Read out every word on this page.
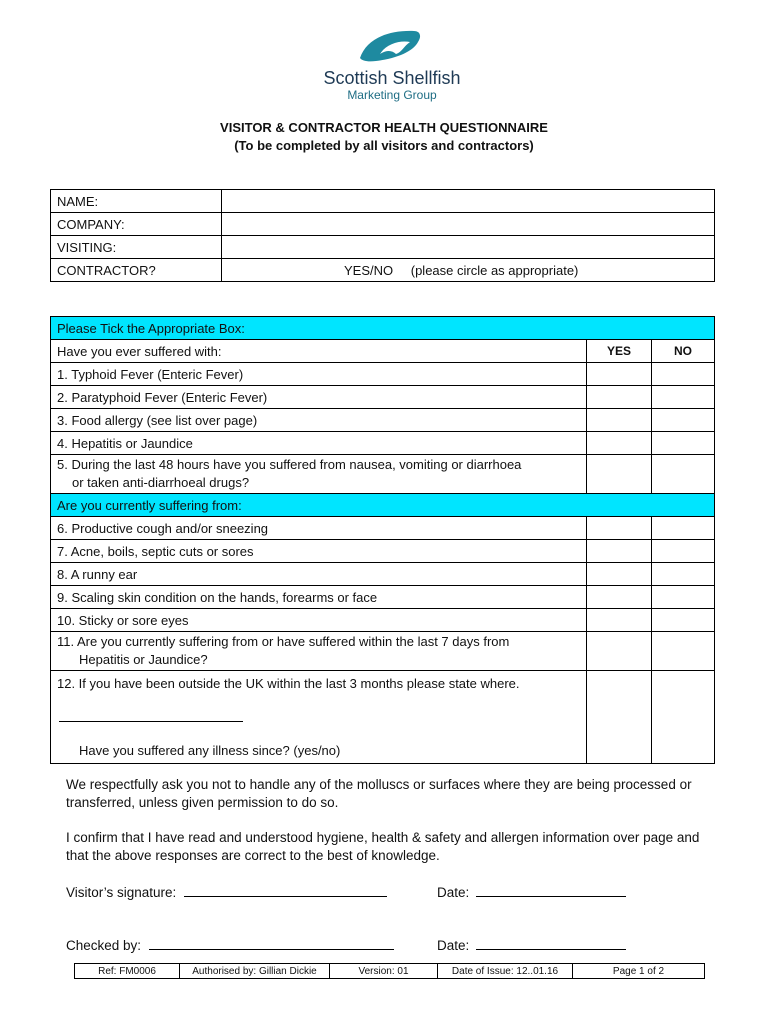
Scottish Shellfish
Marketing Group
VISITOR & CONTRACTOR HEALTH QUESTIONNAIRE
(To be completed by all visitors and contractors)
NAME:	
COMPANY:	
VISITING:	
CONTRACTOR?	YES/NO (please circle as appropriate)
Please Tick the Appropriate Box:		
Have you ever suffered with:	YES	NO
1. Typhoid Fever (Enteric Fever)		
2. Paratyphoid Fever (Enteric Fever)		
3. Food allergy (see list over page)		
4. Hepatitis or Jaundice		
5. During the last 48 hours have you suffered from nausea, vomiting or diarrhoea
or taken anti-diarrhoeal drugs?		

Are you currently suffering from:		
6. Productive cough and/or sneezing		
7. Acne, boils, septic cuts or sores		
8. A runny ear		
9. Scaling skin condition on the hands, forearms or face		
10. Sticky or sore eyes		
11. Are you currently suffering from or have suffered within the last 7 days from
Hepatitis or Jaundice?		

12. If you have been outside the UK within the last 3 months please state where.
Have you suffered any illness since? (yes/no)		

We respectfully ask you not to handle any of the molluscs or surfaces where they are being processed or transferred, unless given permission to do so.
I confirm that I have read and understood hygiene, health & safety and allergen information over page and that the above responses are correct to the best of knowledge.
Visitor’s signature:	Date:
Checked by:	Date:
Ref: FM0006	Authorised by: Gillian Dickie	Version: 01	Date of Issue: 12..01.16	Page 1 of 2
